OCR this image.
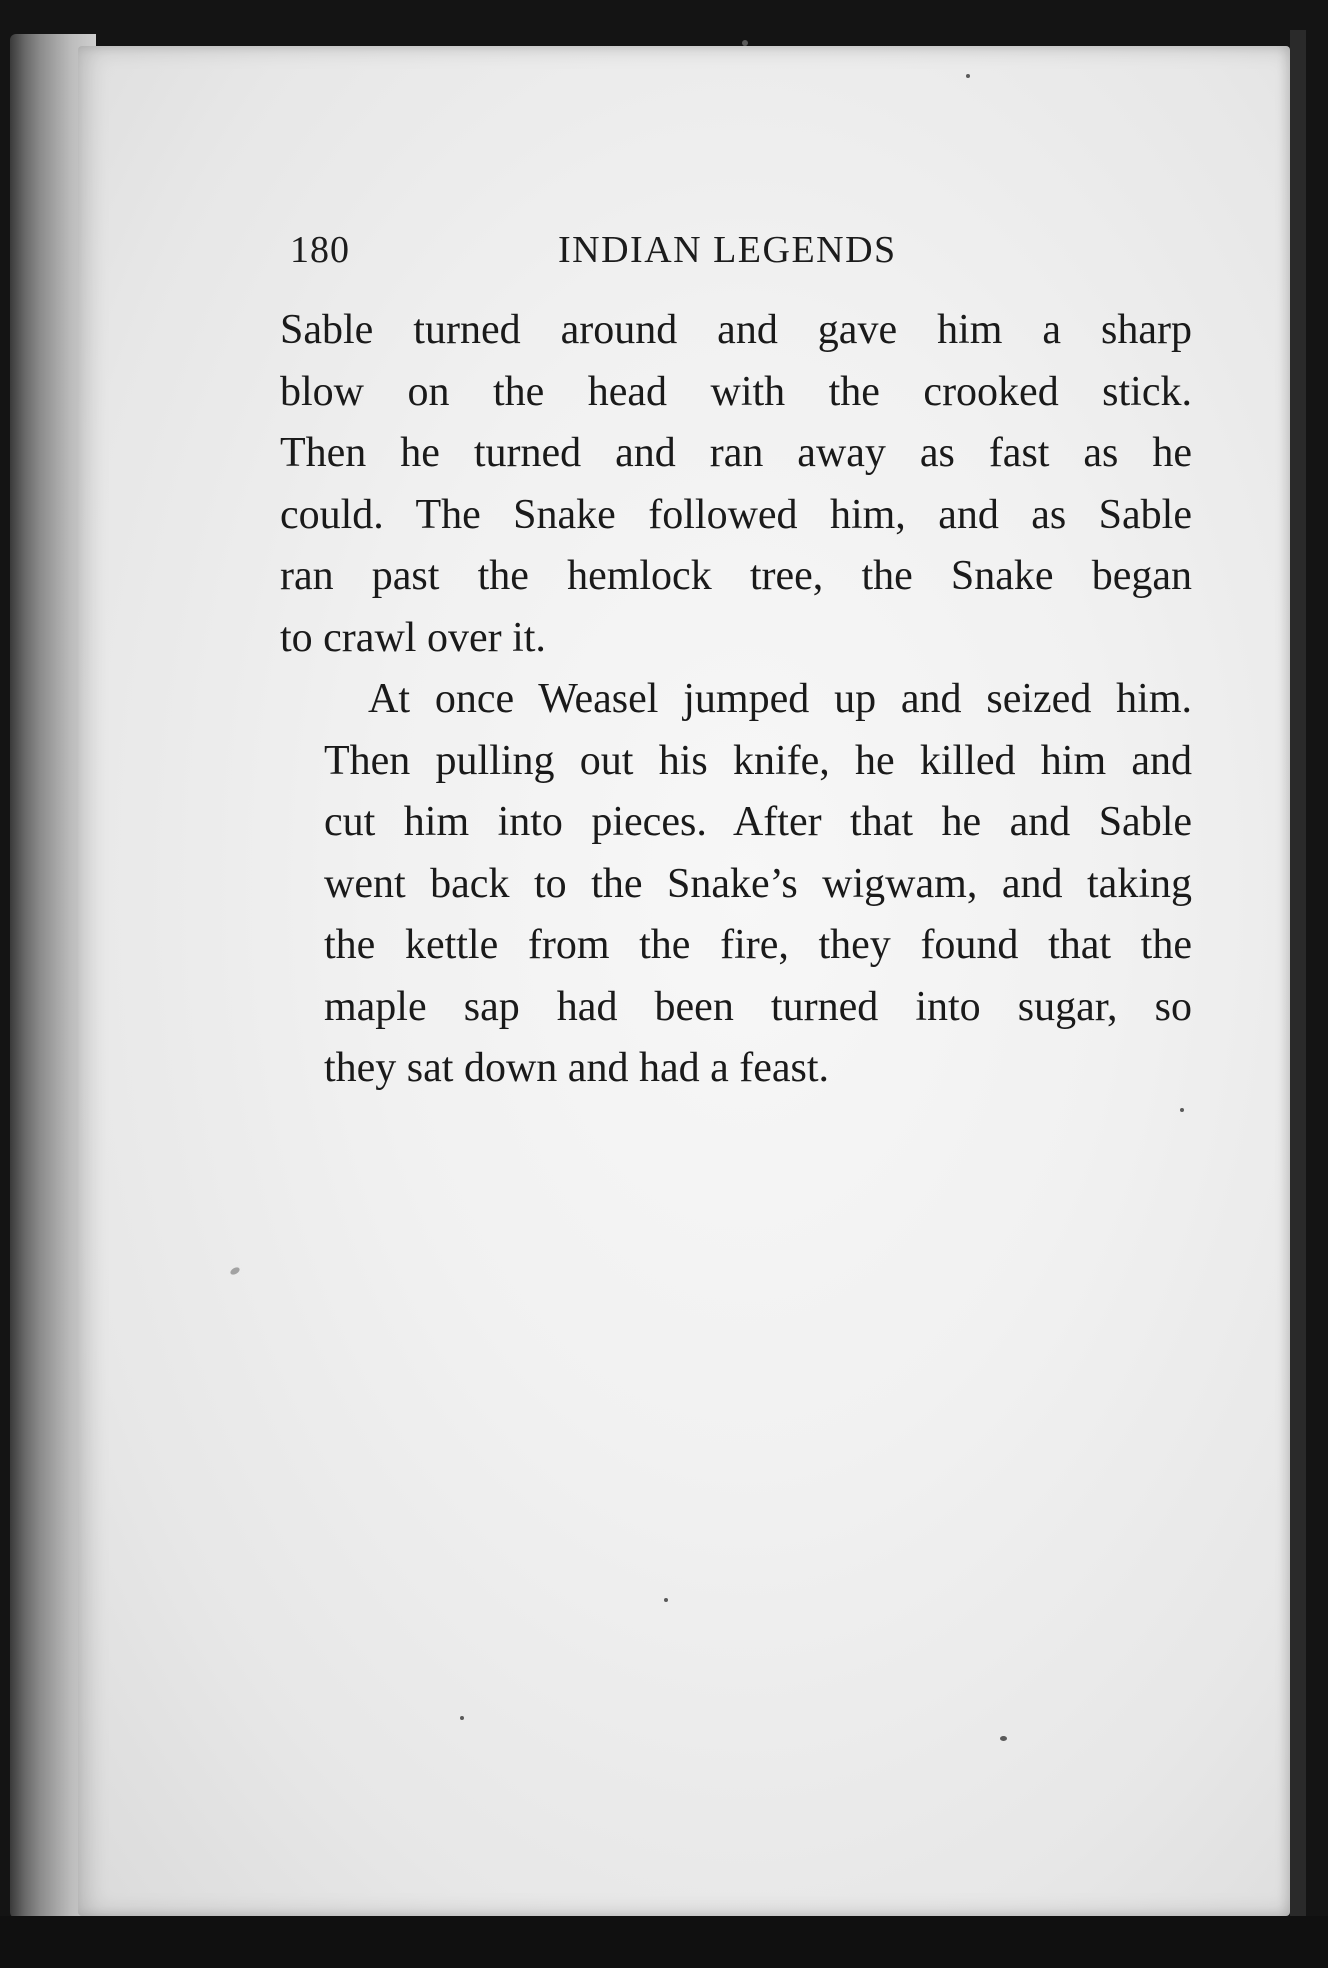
180	INDIAN LEGENDS

Sable turned around and gave him a sharp
blow on the head with the crooked stick.
Then he turned and ran away as fast as he
could. The Snake followed him, and as Sable
ran past the hemlock tree, the Snake began
to crawl over it.

At once Weasel jumped up and seized him.
Then pulling out his knife, he killed him and
cut him into pieces. After that he and Sable
went back to the Snake’s wigwam, and taking
the kettle from the fire, they found that the
maple sap had been turned into sugar, so
they sat down and had a feast.
